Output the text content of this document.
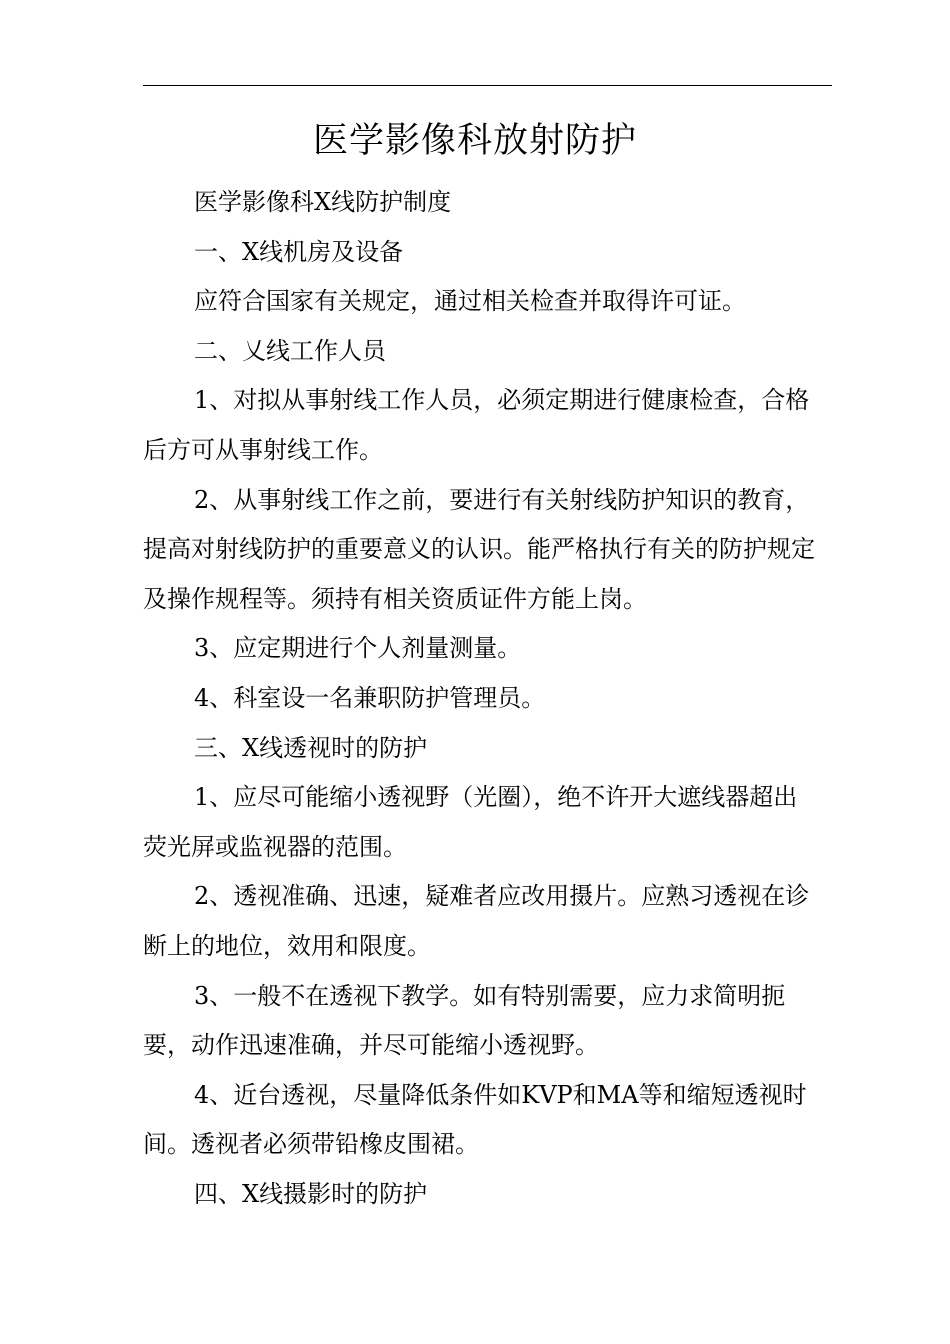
医学影像科放射防护

医学影像科X线防护制度

一、X线机房及设备

应符合国家有关规定，通过相关检查并取得许可证。

二、乂线工作人员

1、对拟从事射线工作人员，必须定期进行健康检查，合格

后方可从事射线工作。

2、从事射线工作之前，要进行有关射线防护知识的教育，

提高对射线防护的重要意义的认识。能严格执行有关的防护规定

及操作规程等。须持有相关资质证件方能上岗。

3、应定期进行个人剂量测量。

4、科室设一名兼职防护管理员。

三、X线透视时的防护

1、应尽可能缩小透视野（光圈），绝不许开大遮线器超出

荧光屏或监视器的范围。

2、透视准确、迅速，疑难者应改用摄片。应熟习透视在诊

断上的地位，效用和限度。

3、一般不在透视下教学。如有特别需要，应力求简明扼

要，动作迅速准确，并尽可能缩小透视野。

4、近台透视，尽量降低条件如KVP和MA等和缩短透视时

间。透视者必须带铅橡皮围裙。

四、X线摄影时的防护
